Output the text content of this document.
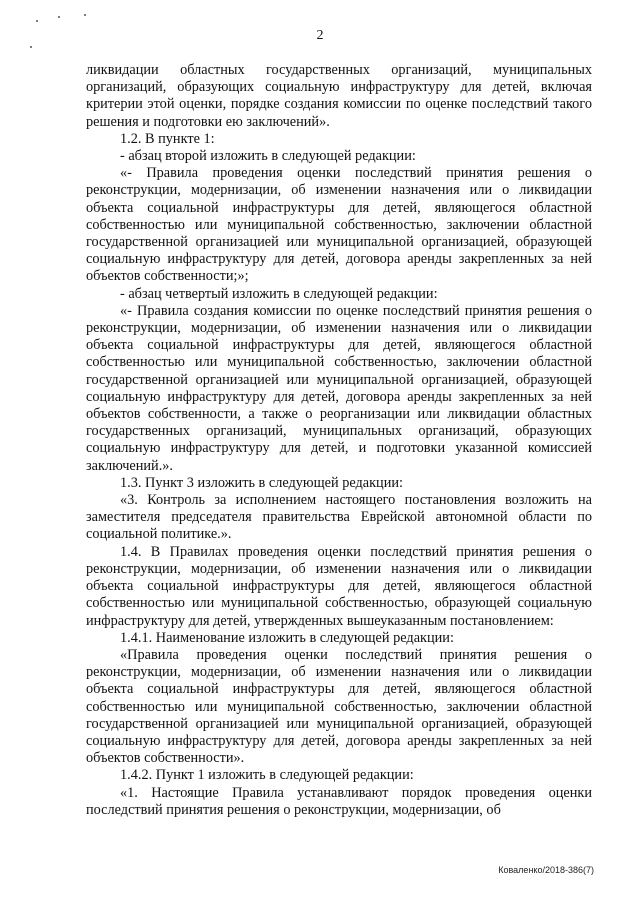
2

ликвидации областных государственных организаций, муниципальных организаций, образующих социальную инфраструктуру для детей, включая критерии этой оценки, порядке создания комиссии по оценке последствий такого решения и подготовки ею заключений».

1.2. В пункте 1:

- абзац второй изложить в следующей редакции:

«- Правила проведения оценки последствий принятия решения о реконструкции, модернизации, об изменении назначения или о ликвидации объекта социальной инфраструктуры для детей, являющегося областной собственностью или муниципальной собственностью, заключении областной государственной организацией или муниципальной организацией, образующей социальную инфраструктуру для детей, договора аренды закрепленных за ней объектов собственности;»;

- абзац четвертый изложить в следующей редакции:

«- Правила создания комиссии по оценке последствий принятия решения о реконструкции, модернизации, об изменении назначения или о ликвидации объекта социальной инфраструктуры для детей, являющегося областной собственностью или муниципальной собственностью, заключении областной государственной организацией или муниципальной организацией, образующей социальную инфраструктуру для детей, договора аренды закрепленных за ней объектов собственности, а также о реорганизации или ликвидации областных государственных организаций, муниципальных организаций, образующих социальную инфраструктуру для детей, и подготовки указанной комиссией заключений.».

1.3. Пункт 3 изложить в следующей редакции:

«3. Контроль за исполнением настоящего постановления возложить на заместителя председателя правительства Еврейской автономной области по социальной политике.».

1.4. В Правилах проведения оценки последствий принятия решения о реконструкции, модернизации, об изменении назначения или о ликвидации объекта социальной инфраструктуры для детей, являющегося областной собственностью или муниципальной собственностью, образующей социальную инфраструктуру для детей, утвержденных вышеуказанным постановлением:

1.4.1. Наименование изложить в следующей редакции:

«Правила проведения оценки последствий принятия решения о реконструкции, модернизации, об изменении назначения или о ликвидации объекта социальной инфраструктуры для детей, являющегося областной собственностью или муниципальной собственностью, заключении областной государственной организацией или муниципальной организацией, образующей социальную инфраструктуру для детей, договора аренды закрепленных за ней объектов собственности».

1.4.2. Пункт 1 изложить в следующей редакции:

«1. Настоящие Правила устанавливают порядок проведения оценки последствий принятия решения о реконструкции, модернизации, об

Коваленко/2018-386(7)
